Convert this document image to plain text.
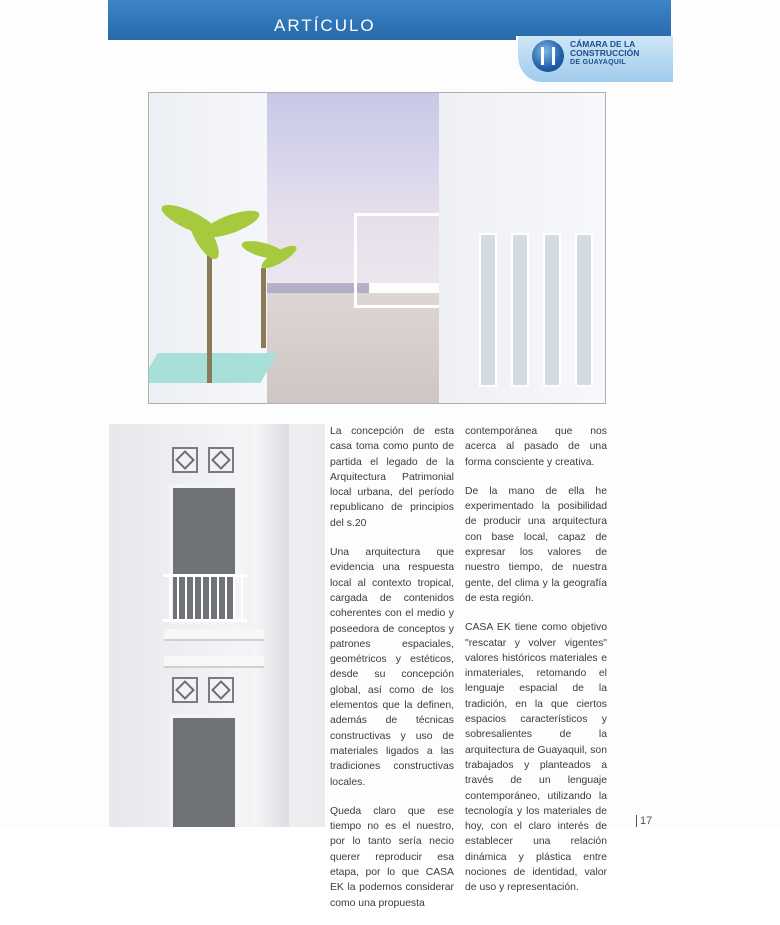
ARTÍCULO
CÁMARA DE LA
CONSTRUCCIÓN
DE GUAYAQUIL

La concepción de esta casa toma como punto de partida el legado de la Arquitectura Patrimonial local urbana, del período republicano de principios del s.20

Una arquitectura que evidencia una respuesta local al contexto tropical, cargada de contenidos coherentes con el medio y poseedora de conceptos y patrones espaciales, geométricos y estéticos, desde su concepción global, así como de los elementos que la definen, además de técnicas constructivas y uso de materiales ligados a las tradiciones constructivas locales.

Queda claro que ese tiempo no es el nuestro, por lo tanto sería necio querer reproducir esa etapa, por lo que CASA EK la podemos considerar como una propuesta

contemporánea que nos acerca al pasado de una forma consciente y creativa.

De la mano de ella he experimentado la posibilidad de producir una arquitectura con base local, capaz de expresar los valores de nuestro tiempo, de nuestra gente, del clima y la geografía de esta región.

CASA EK tiene como objetivo "rescatar y volver vigentes" valores históricos materiales e inmateriales, retomando el lenguaje espacial de la tradición, en la que ciertos espacios característicos y sobresalientes de la arquitectura de Guayaquil, son trabajados y planteados a través de un lenguaje contemporáneo, utilizando la tecnología y los materiales de hoy, con el claro interés de establecer una relación dinámica y plástica entre nociones de identidad, valor de uso y representación.

17
